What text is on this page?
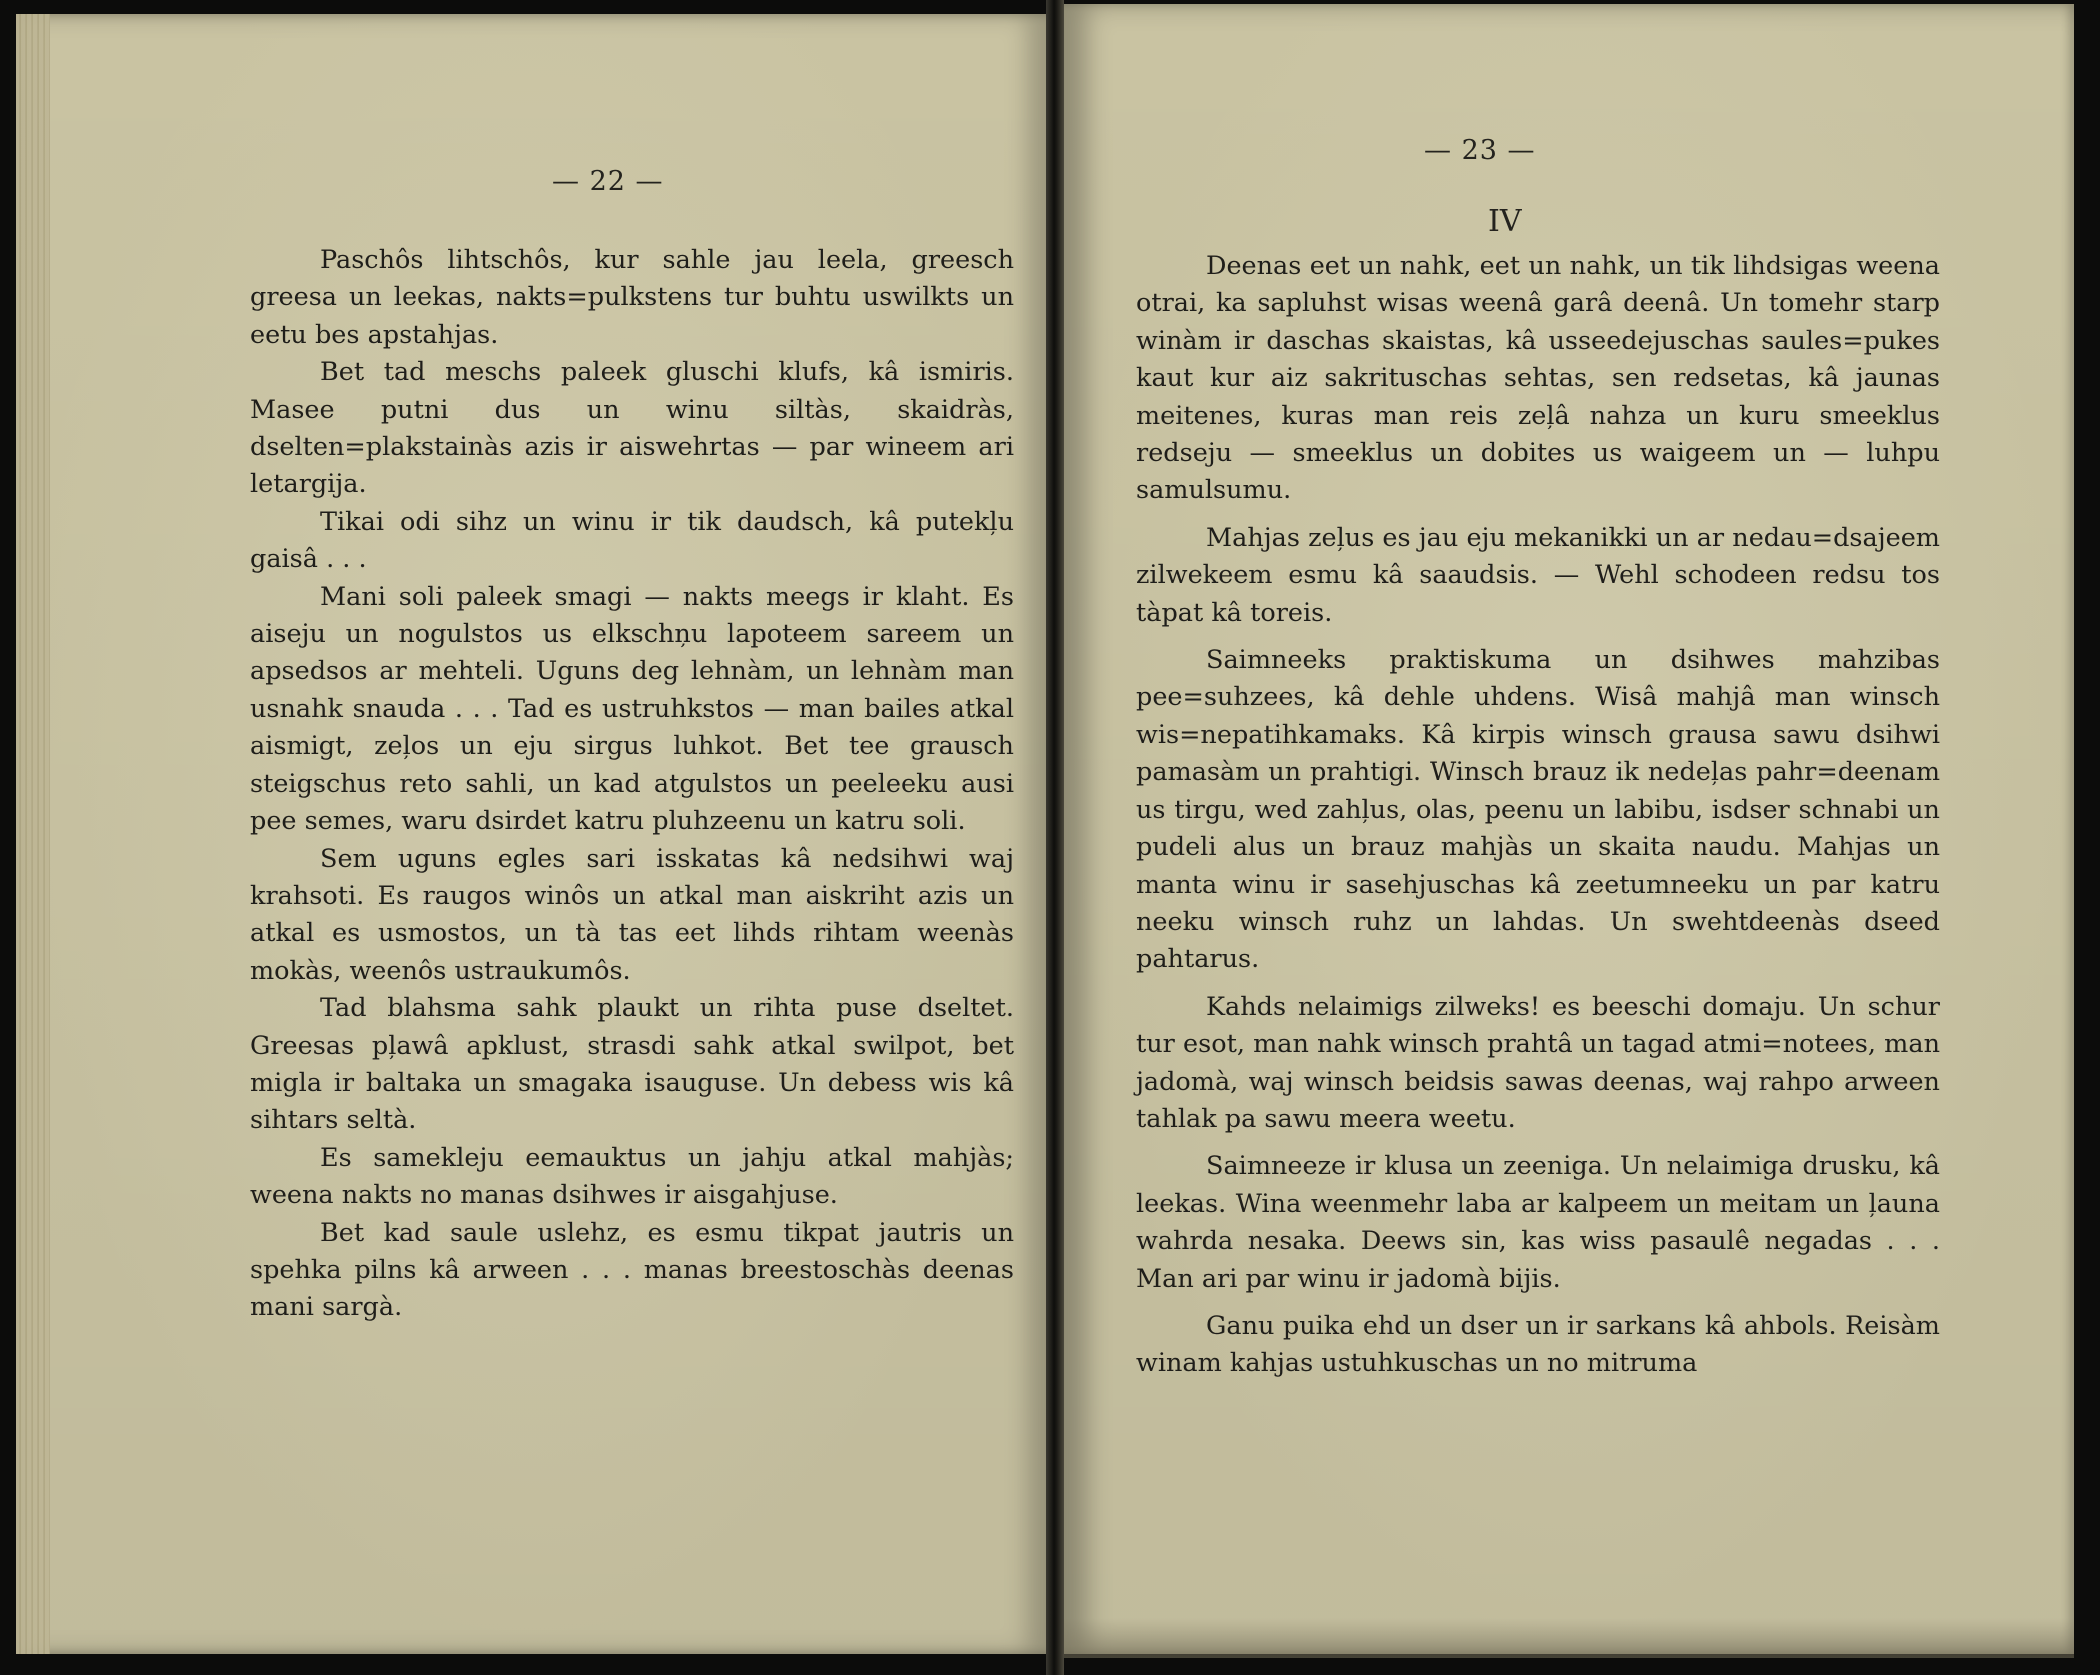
— 22 —

Paschôs lihtschôs, kur sahle jau leela, greesch greesa un leekas, nakts=pulkstens tur buhtu uswilkts un eetu bes apstahjas.

Bet tad meschs paleek gluschi klufs, kâ ismiris. Masee putni dus un winu siltàs, skaidràs, dselten=plakstainàs azis ir aiswehrtas — par wineem ari letargija.

Tikai odi sihz un winu ir tik daudsch, kâ putekļu gaisâ . . .

Mani soli paleek smagi — nakts meegs ir klaht. Es aiseju un nogulstos us elkschņu lapoteem sareem un apsedsos ar mehteli. Uguns deg lehnàm, un lehnàm man usnahk snauda . . . Tad es ustruhkstos — man bailes atkal aismigt, zeļos un eju sirgus luhkot. Bet tee grausch steigschus reto sahli, un kad atgulstos un peeleeku ausi pee semes, waru dsirdet katru pluhzeenu un katru soli.

Sem uguns egles sari isskatas kâ nedsihwi waj krahsoti. Es raugos winôs un atkal man aiskriht azis un atkal es usmostos, un tà tas eet lihds rihtam weenàs mokàs, weenôs ustraukumôs.

Tad blahsma sahk plaukt un rihta puse dseltet. Greesas pļawâ apklust, strasdi sahk atkal swilpot, bet migla ir baltaka un smagaka isauguse. Un debess wis kâ sihtars seltà.

Es samekleju eemauktus un jahju atkal mahjàs; weena nakts no manas dsihwes ir aisgahjuse.

Bet kad saule uslehz, es esmu tikpat jautris un spehka pilns kâ arween . . . manas breestoschàs deenas mani sargà.

— 23 —
IV

Deenas eet un nahk, eet un nahk, un tik lihdsigas weena otrai, ka sapluhst wisas weenâ garâ deenâ. Un tomehr starp winàm ir daschas skaistas, kâ usseedejuschas saules=pukes kaut kur aiz sakrituschas sehtas, sen redsetas, kâ jaunas meitenes, kuras man reis zeļâ nahza un kuru smeeklus redseju — smeeklus un dobites us waigeem un — luhpu samulsumu.

Mahjas zeļus es jau eju mekanikki un ar nedau=dsajeem zilwekeem esmu kâ saaudsis. — Wehl schodeen redsu tos tàpat kâ toreis.

Saimneeks praktiskuma un dsihwes mahzibas pee=suhzees, kâ dehle uhdens. Wisâ mahjâ man winsch wis=nepatihkamaks. Kâ kirpis winsch grausa sawu dsihwi pamasàm un prahtigi. Winsch brauz ik nedeļas pahr=deenam us tirgu, wed zahļus, olas, peenu un labibu, isdser schnabi un pudeli alus un brauz mahjàs un skaita naudu. Mahjas un manta winu ir sasehjuschas kâ zeetumneeku un par katru neeku winsch ruhz un lahdas. Un swehtdeenàs dseed pahtarus.

Kahds nelaimigs zilweks! es beeschi domaju. Un schur tur esot, man nahk winsch prahtâ un tagad atmi=notees, man jadomà, waj winsch beidsis sawas deenas, waj rahpo arween tahlak pa sawu meera weetu.

Saimneeze ir klusa un zeeniga. Un nelaimiga drusku, kâ leekas. Wina weenmehr laba ar kalpeem un meitam un ļauna wahrda nesaka. Deews sin, kas wiss pasaulê negadas . . . Man ari par winu ir jadomà bijis.

Ganu puika ehd un dser un ir sarkans kâ ahbols. Reisàm winam kahjas ustuhkuschas un no mitruma
